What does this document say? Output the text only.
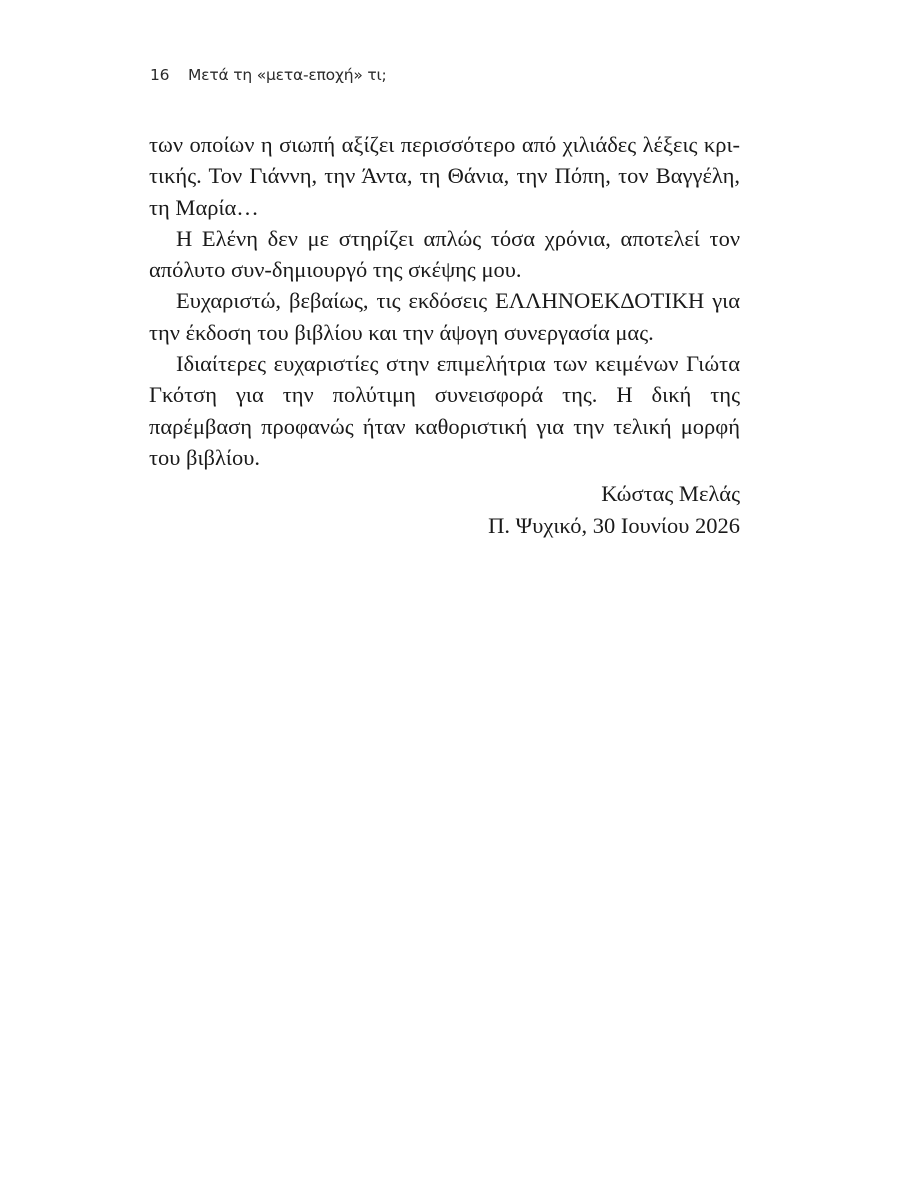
16 Μετά τη «μετα-εποχή» τι;

των οποίων η σιωπή αξίζει περισσότερο από χιλιάδες λέξεις κριτικής. Τον Γιάννη, την Άντα, τη Θάνια, την Πόπη, τον Βαγγέλη, τη Μαρία…

Η Ελένη δεν με στηρίζει απλώς τόσα χρόνια, αποτελεί τον απόλυτο συν-δημιουργό της σκέψης μου.

Ευχαριστώ, βεβαίως, τις εκδόσεις ΕΛΛΗΝΟΕΚΔΟΤΙΚΗ για την έκδοση του βιβλίου και την άψογη συνεργασία μας.

Ιδιαίτερες ευχαριστίες στην επιμελήτρια των κειμένων Γιώτα Γκότση για την πολύτιμη συνεισφορά της. Η δική της παρέμβαση προφανώς ήταν καθοριστική για την τελική μορφή του βιβλίου.

Κώστας Μελάς
Π. Ψυχικό, 30 Ιουνίου 2026
